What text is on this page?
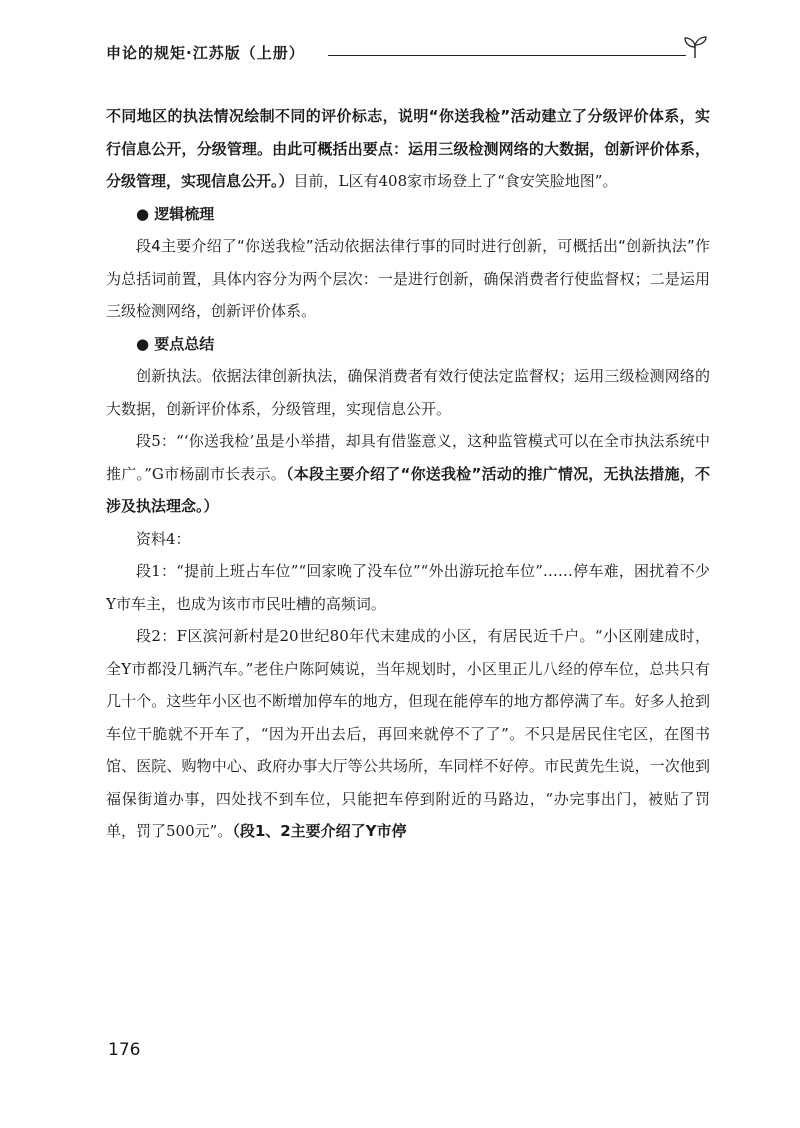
申论的规矩·江苏版（上册）

不同地区的执法情况绘制不同的评价标志，说明“你送我检”活动建立了分级评价体系，实行信息公开，分级管理。由此可概括出要点：运用三级检测网络的大数据，创新评价体系，分级管理，实现信息公开。）目前，L区有408家市场登上了“食安笑脸地图”。

● 逻辑梳理

段4主要介绍了“你送我检”活动依据法律行事的同时进行创新，可概括出“创新执法”作为总括词前置，具体内容分为两个层次：一是进行创新，确保消费者行使监督权；二是运用三级检测网络，创新评价体系。

● 要点总结

创新执法。依据法律创新执法，确保消费者有效行使法定监督权；运用三级检测网络的大数据，创新评价体系，分级管理，实现信息公开。

段5：“‘你送我检’虽是小举措，却具有借鉴意义，这种监管模式可以在全市执法系统中推广。”G市杨副市长表示。（本段主要介绍了“你送我检”活动的推广情况，无执法措施，不涉及执法理念。）

资料4：

段1：“提前上班占车位”“回家晚了没车位”“外出游玩抢车位”……停车难，困扰着不少Y市车主，也成为该市市民吐槽的高频词。

段2：F区滨河新村是20世纪80年代末建成的小区，有居民近千户。“小区刚建成时，全Y市都没几辆汽车。”老住户陈阿姨说，当年规划时，小区里正儿八经的停车位，总共只有几十个。这些年小区也不断增加停车的地方，但现在能停车的地方都停满了车。好多人抢到车位干脆就不开车了，“因为开出去后，再回来就停不了了”。不只是居民住宅区，在图书馆、医院、购物中心、政府办事大厅等公共场所，车同样不好停。市民黄先生说，一次他到福保街道办事，四处找不到车位，只能把车停到附近的马路边，“办完事出门，被贴了罚单，罚了500元”。（段1、2主要介绍了Y市停

176
